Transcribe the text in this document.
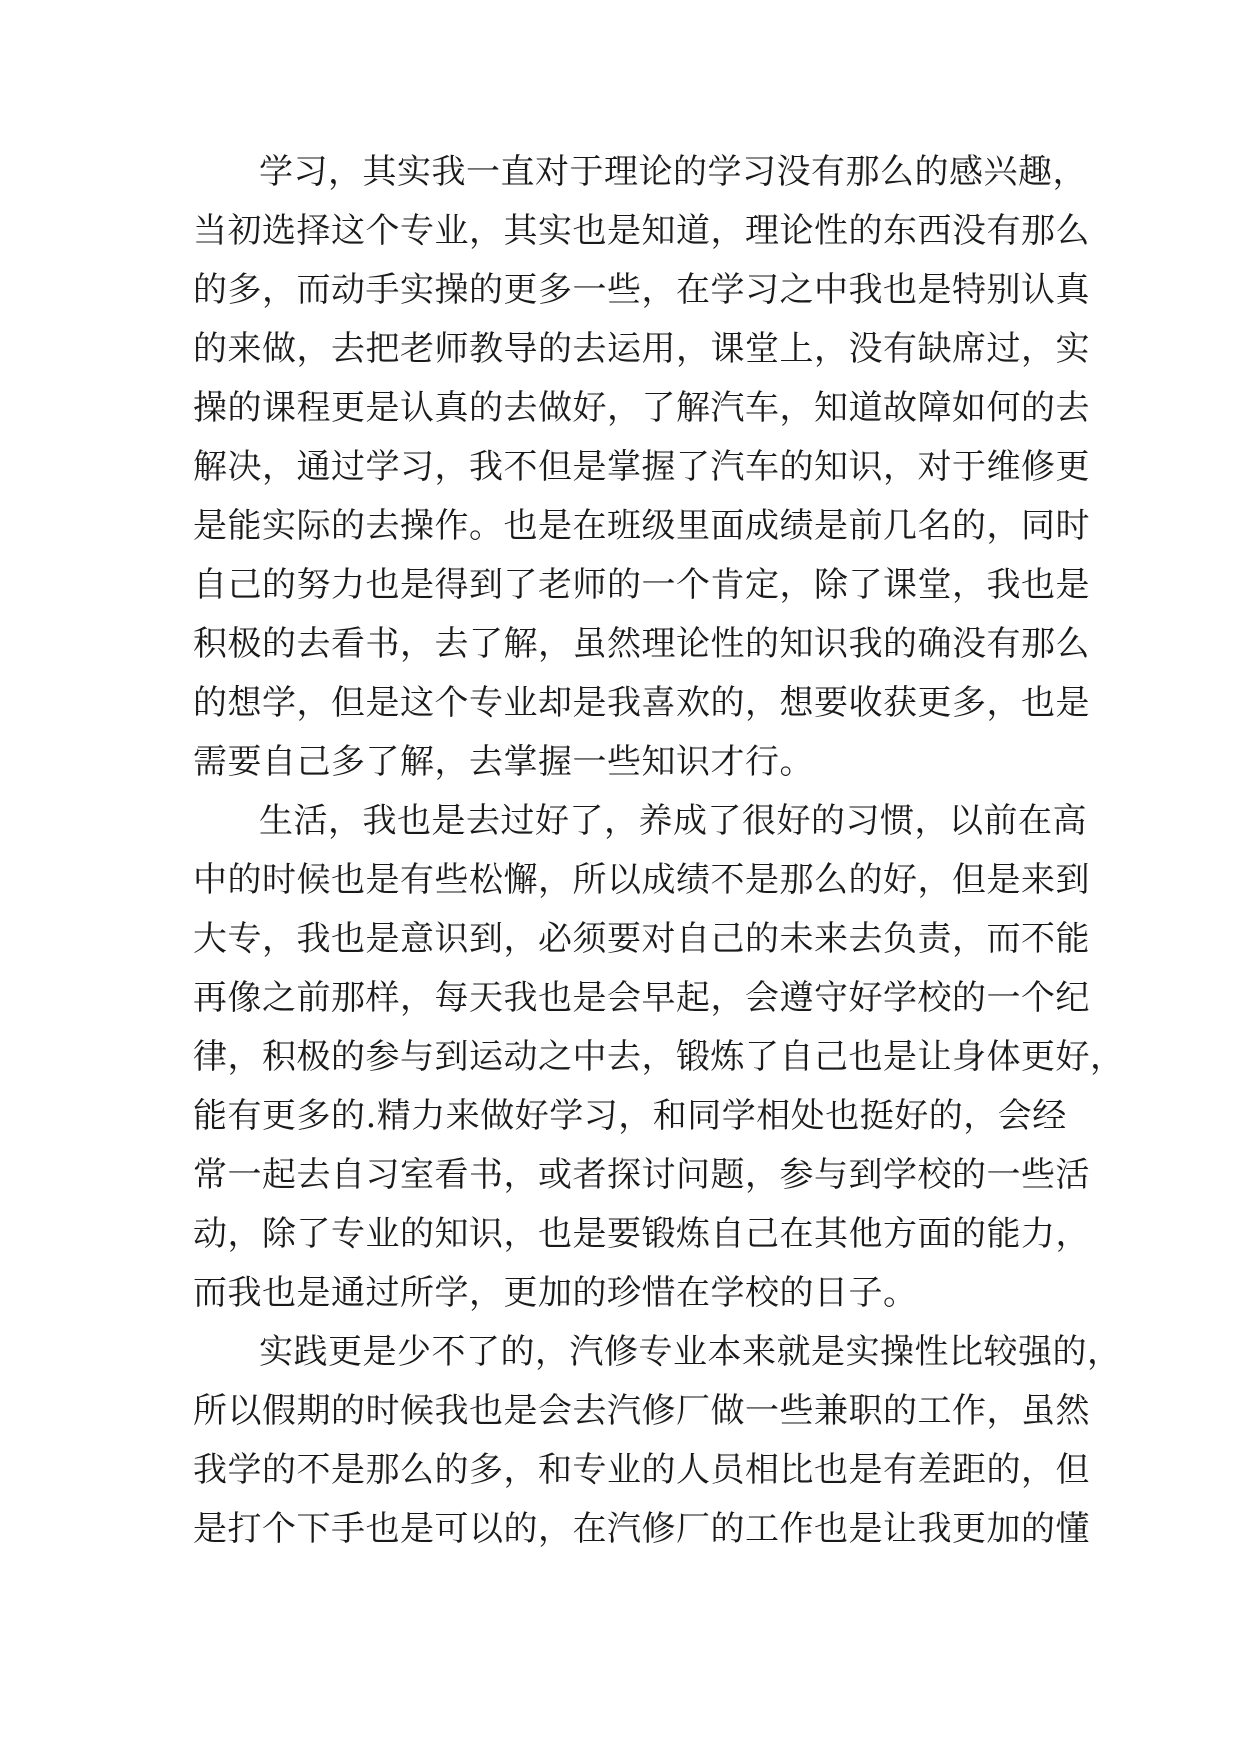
学习，其实我一直对于理论的学习没有那么的感兴趣，
当初选择这个专业，其实也是知道，理论性的东西没有那么
的多，而动手实操的更多一些，在学习之中我也是特别认真
的来做，去把老师教导的去运用，课堂上，没有缺席过，实
操的课程更是认真的去做好，了解汽车，知道故障如何的去
解决，通过学习，我不但是掌握了汽车的知识，对于维修更
是能实际的去操作。也是在班级里面成绩是前几名的，同时
自己的努力也是得到了老师的一个肯定，除了课堂，我也是
积极的去看书，去了解，虽然理论性的知识我的确没有那么
的想学，但是这个专业却是我喜欢的，想要收获更多，也是
需要自己多了解，去掌握一些知识才行。
生活，我也是去过好了，养成了很好的习惯，以前在高
中的时候也是有些松懈，所以成绩不是那么的好，但是来到
大专，我也是意识到，必须要对自己的未来去负责，而不能
再像之前那样，每天我也是会早起，会遵守好学校的一个纪
律，积极的参与到运动之中去，锻炼了自己也是让身体更好，
能有更多的.精力来做好学习，和同学相处也挺好的，会经
常一起去自习室看书，或者探讨问题，参与到学校的一些活
动，除了专业的知识，也是要锻炼自己在其他方面的能力，
而我也是通过所学，更加的珍惜在学校的日子。
实践更是少不了的，汽修专业本来就是实操性比较强的，
所以假期的时候我也是会去汽修厂做一些兼职的工作，虽然
我学的不是那么的多，和专业的人员相比也是有差距的，但
是打个下手也是可以的，在汽修厂的工作也是让我更加的懂
